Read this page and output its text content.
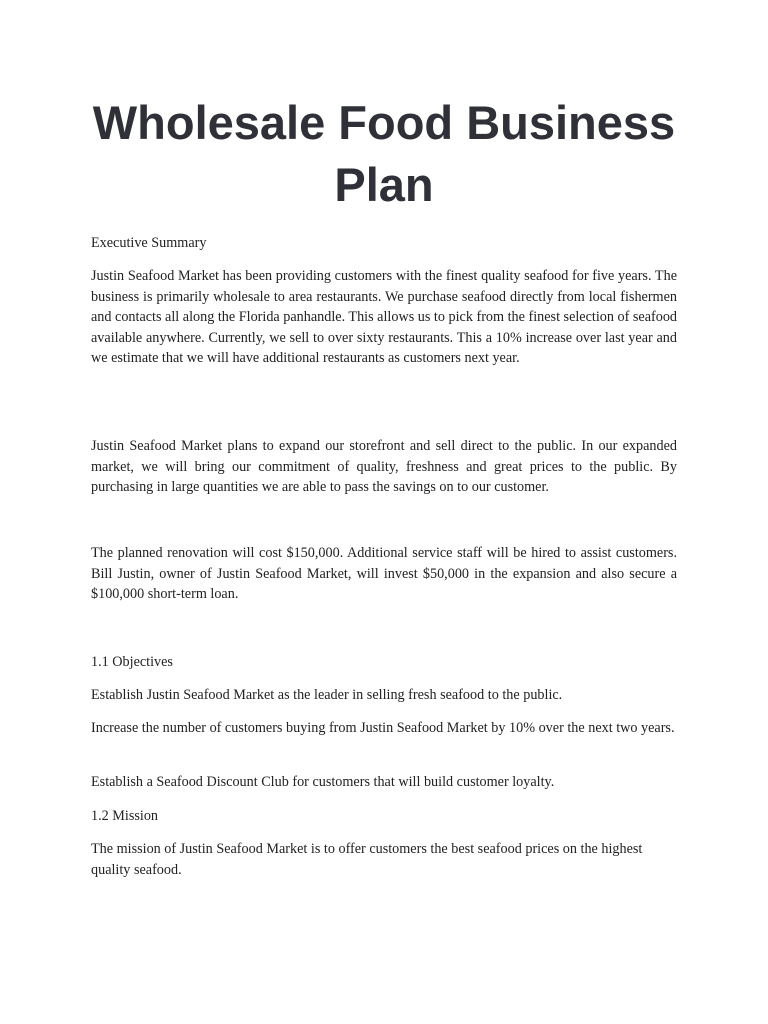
Wholesale Food Business Plan

Executive Summary

Justin Seafood Market has been providing customers with the finest quality seafood for five years. The business is primarily wholesale to area restaurants. We purchase seafood directly from local fishermen and contacts all along the Florida panhandle. This allows us to pick from the finest selection of seafood available anywhere. Currently, we sell to over sixty restaurants. This a 10% increase over last year and we estimate that we will have additional restaurants as customers next year.

Justin Seafood Market plans to expand our storefront and sell direct to the public. In our expanded market, we will bring our commitment of quality, freshness and great prices to the public. By purchasing in large quantities we are able to pass the savings on to our customer.

The planned renovation will cost $150,000. Additional service staff will be hired to assist customers. Bill Justin, owner of Justin Seafood Market, will invest $50,000 in the expansion and also secure a $100,000 short-term loan.

1.1 Objectives

Establish Justin Seafood Market as the leader in selling fresh seafood to the public.

Increase the number of customers buying from Justin Seafood Market by 10% over the next two years.

Establish a Seafood Discount Club for customers that will build customer loyalty.

1.2 Mission

The mission of Justin Seafood Market is to offer customers the best seafood prices on the highest quality seafood.
